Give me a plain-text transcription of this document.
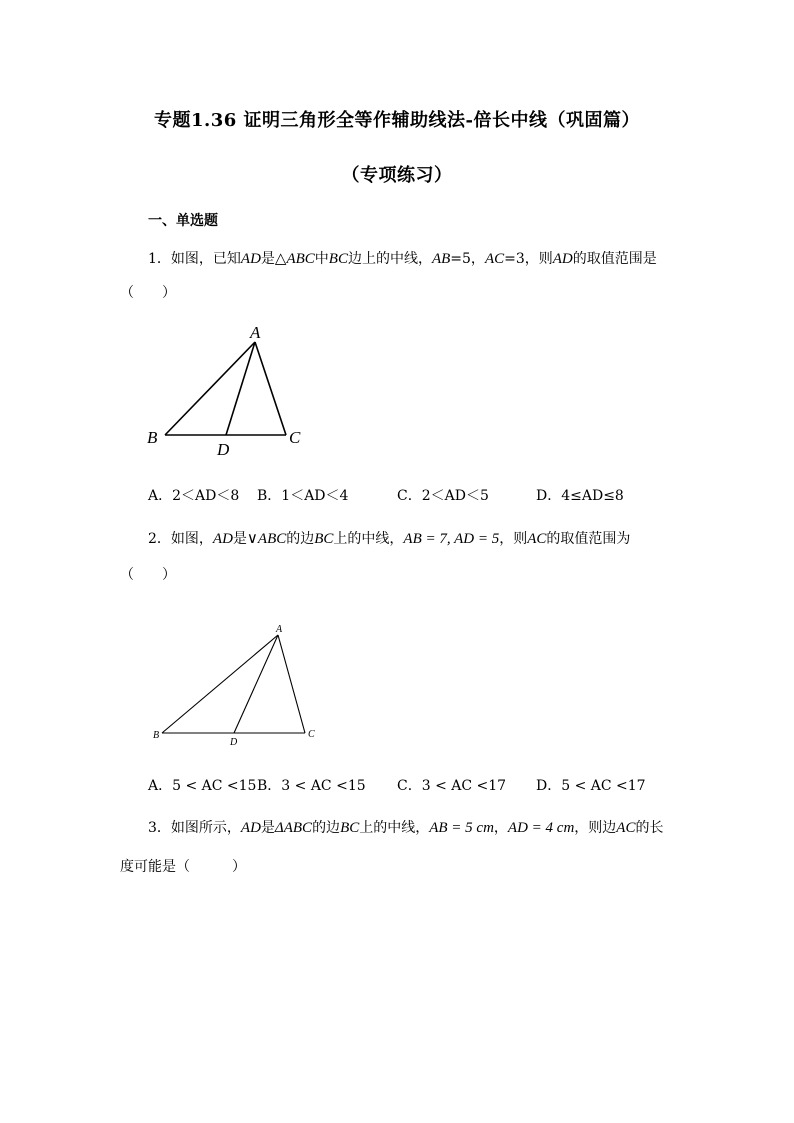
专题1.36 证明三角形全等作辅助线法-倍长中线（巩固篇）
（专项练习）
一、单选题
1．如图，已知AD是△ABC中BC边上的中线，AB=5，AC=3，则AD的取值范围是
（　　）
A
B	C
D
A．2＜AD＜8 B．1＜AD＜4	C．2＜AD＜5	D．4≤AD≤8
2．如图，AD是∨ABC的边BC上的中线，AB = 7, AD = 5，则AC的取值范围为
（　　）
A
B	C
D
A．5 < AC <15 B．3 < AC <15 C．3 < AC <17 D．5 < AC <17
3．如图所示，AD是ΔABC的边BC上的中线，AB = 5 cm，AD = 4 cm，则边AC的长
度可能是（　　　）
